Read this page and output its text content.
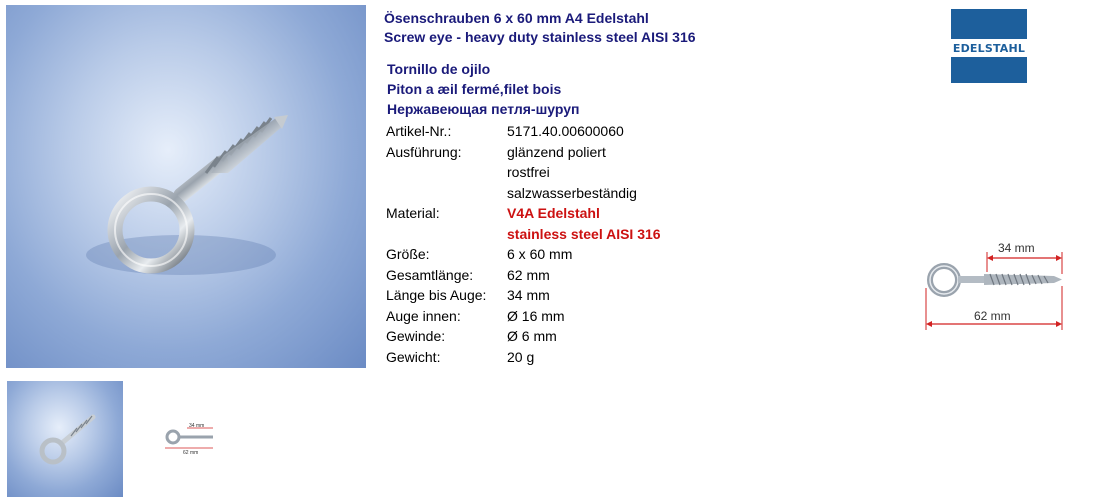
34 mm
62 mm
Ösenschrauben 6 x 60 mm A4 Edelstahl
Screw eye - heavy duty stainless steel AISI 316
Tornillo de ojilo
Piton a æil fermé,filet bois
Нержавеющая петля-шуруп
Artikel-Nr.:	5171.40.00600060
Ausführung:	glänzend poliert
rostfrei
salzwasserbeständig
Material:	V4A Edelstahl
stainless steel AISI 316
Größe:	6 x 60 mm
Gesamtlänge:	62 mm
Länge bis Auge:	34 mm
Auge innen:	Ø 16 mm
Gewinde:	Ø 6 mm
Gewicht:	20 g
EDELSTAHL
34 mm
62 mm
